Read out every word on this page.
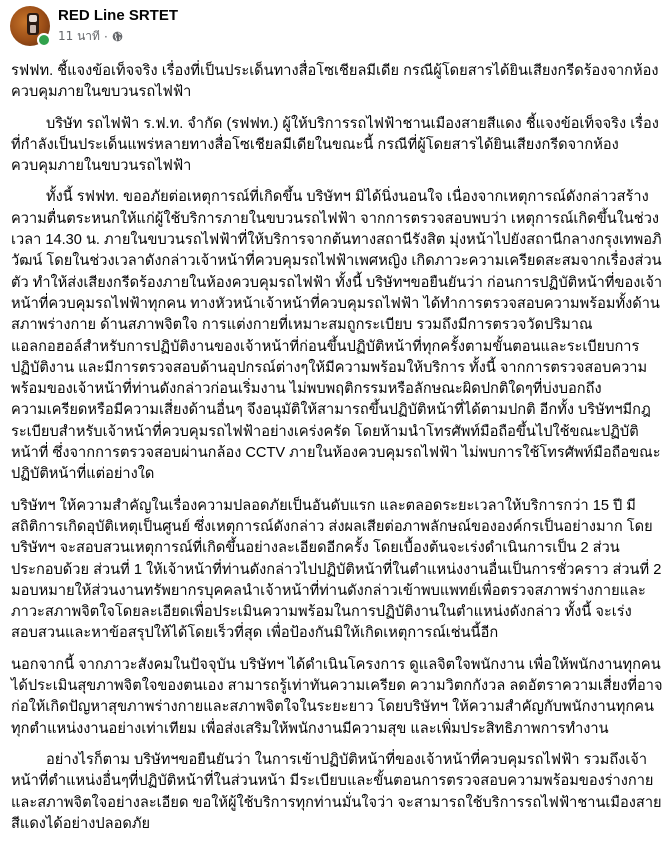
RED Line SRTET
11 นาที ·

รฟฟท. ชี้แจงข้อเท็จจริง เรื่องที่เป็นประเด็นทางสื่อโซเชียลมีเดีย กรณีผู้โดยสารได้ยินเสียงกรีดร้องจากห้องควบคุมภายในขบวนรถไฟฟ้า

บริษัท รถไฟฟ้า ร.ฟ.ท. จำกัด (รฟฟท.) ผู้ให้บริการรถไฟฟ้าชานเมืองสายสีแดง ชี้แจงข้อเท็จจริง เรื่องที่กำลังเป็นประเด็นแพร่หลายทางสื่อโซเชียลมีเดียในขณะนี้ กรณีที่ผู้โดยสารได้ยินเสียงกรีดจากห้องควบคุมภายในขบวนรถไฟฟ้า

ทั้งนี้ รฟฟท. ขออภัยต่อเหตุการณ์ที่เกิดขึ้น บริษัทฯ มิได้นิ่งนอนใจ เนื่องจากเหตุการณ์ดังกล่าวสร้างความตื่นตระหนกให้แก่ผู้ใช้บริการภายในขบวนรถไฟฟ้า จากการตรวจสอบพบว่า เหตุการณ์เกิดขึ้นในช่วงเวลา 14.30 น. ภายในขบวนรถไฟฟ้าที่ให้บริการจากต้นทางสถานีรังสิต มุ่งหน้าไปยังสถานีกลางกรุงเทพอภิวัฒน์ โดยในช่วงเวลาดังกล่าวเจ้าหน้าที่ควบคุมรถไฟฟ้าเพศหญิง เกิดภาวะความเครียดสะสมจากเรื่องส่วนตัว ทำให้ส่งเสียงกรีดร้องภายในห้องควบคุมรถไฟฟ้า ทั้งนี้ บริษัทฯขอยืนยันว่า ก่อนการปฏิบัติหน้าที่ของเจ้าหน้าที่ควบคุมรถไฟฟ้าทุกคน ทางหัวหน้าเจ้าหน้าที่ควบคุมรถไฟฟ้า ได้ทำการตรวจสอบความพร้อมทั้งด้านสภาพร่างกาย ด้านสภาพจิตใจ การแต่งกายที่เหมาะสมถูกระเบียบ รวมถึงมีการตรวจวัดปริมาณแอลกอฮอล์สำหรับการปฏิบัติงานของเจ้าหน้าที่ก่อนขึ้นปฏิบัติหน้าที่ทุกครั้งตามขั้นตอนและระเบียบการปฏิบัติงาน และมีการตรวจสอบด้านอุปกรณ์ต่างๆให้มีความพร้อมให้บริการ ทั้งนี้ จากการตรวจสอบความพร้อมของเจ้าหน้าที่ท่านดังกล่าวก่อนเริ่มงาน ไม่พบพฤติกรรมหรือลักษณะผิดปกติใดๆที่บ่งบอกถึงความเครียดหรือมีความเสี่ยงด้านอื่นๆ จึงอนุมัติให้สามารถขึ้นปฏิบัติหน้าที่ได้ตามปกติ อีกทั้ง บริษัทฯมีกฎระเบียบสำหรับเจ้าหน้าที่ควบคุมรถไฟฟ้าอย่างเคร่งครัด โดยห้ามนำโทรศัพท์มือถือขึ้นไปใช้ขณะปฏิบัติหน้าที่ ซึ่งจากการตรวจสอบผ่านกล้อง CCTV ภายในห้องควบคุมรถไฟฟ้า ไม่พบการใช้โทรศัพท์มือถือขณะปฏิบัติหน้าที่แต่อย่างใด

บริษัทฯ ให้ความสำคัญในเรื่องความปลอดภัยเป็นอันดับแรก และตลอดระยะเวลาให้บริการกว่า 15 ปี มีสถิติการเกิดอุบัติเหตุเป็นศูนย์ ซึ่งเหตุการณ์ดังกล่าว ส่งผลเสียต่อภาพลักษณ์ขององค์กรเป็นอย่างมาก โดยบริษัทฯ จะสอบสวนเหตุการณ์ที่เกิดขึ้นอย่างละเอียดอีกครั้ง โดยเบื้องต้นจะเร่งดำเนินการเป็น 2 ส่วน ประกอบด้วย ส่วนที่ 1 ให้เจ้าหน้าที่ท่านดังกล่าวไปปฏิบัติหน้าที่ในตำแหน่งงานอื่นเป็นการชั่วคราว ส่วนที่ 2 มอบหมายให้ส่วนงานทรัพยากรบุคคลนำเจ้าหน้าที่ท่านดังกล่าวเข้าพบแพทย์เพื่อตรวจสภาพร่างกายและภาวะสภาพจิตใจโดยละเอียดเพื่อประเมินความพร้อมในการปฏิบัติงานในตำแหน่งดังกล่าว ทั้งนี้ จะเร่งสอบสวนและหาข้อสรุปให้ได้โดยเร็วที่สุด เพื่อป้องกันมิให้เกิดเหตุการณ์เช่นนี้อีก

นอกจากนี้ จากภาวะสังคมในปัจจุบัน บริษัทฯ ได้ดำเนินโครงการ ดูแลจิตใจพนักงาน เพื่อให้พนักงานทุกคนได้ประเมินสุขภาพจิตใจของตนเอง สามารถรู้เท่าทันความเครียด ความวิตกกังวล ลดอัตราความเสี่ยงที่อาจก่อให้เกิดปัญหาสุขภาพร่างกายและสภาพจิตใจในระยะยาว โดยบริษัทฯ ให้ความสำคัญกับพนักงานทุกคน ทุกตำแหน่งงานอย่างเท่าเทียม เพื่อส่งเสริมให้พนักงานมีความสุข และเพิ่มประสิทธิภาพการทำงาน

อย่างไรก็ตาม บริษัทฯขอยืนยันว่า ในการเข้าปฏิบัติหน้าที่ของเจ้าหน้าที่ควบคุมรถไฟฟ้า รวมถึงเจ้าหน้าที่ตำแหน่งอื่นๆที่ปฏิบัติหน้าที่ในส่วนหน้า มีระเบียบและขั้นตอนการตรวจสอบความพร้อมของร่างกายและสภาพจิตใจอย่างละเอียด ขอให้ผู้ใช้บริการทุกท่านมั่นใจว่า จะสามารถใช้บริการรถไฟฟ้าชานเมืองสายสีแดงได้อย่างปลอดภัย
